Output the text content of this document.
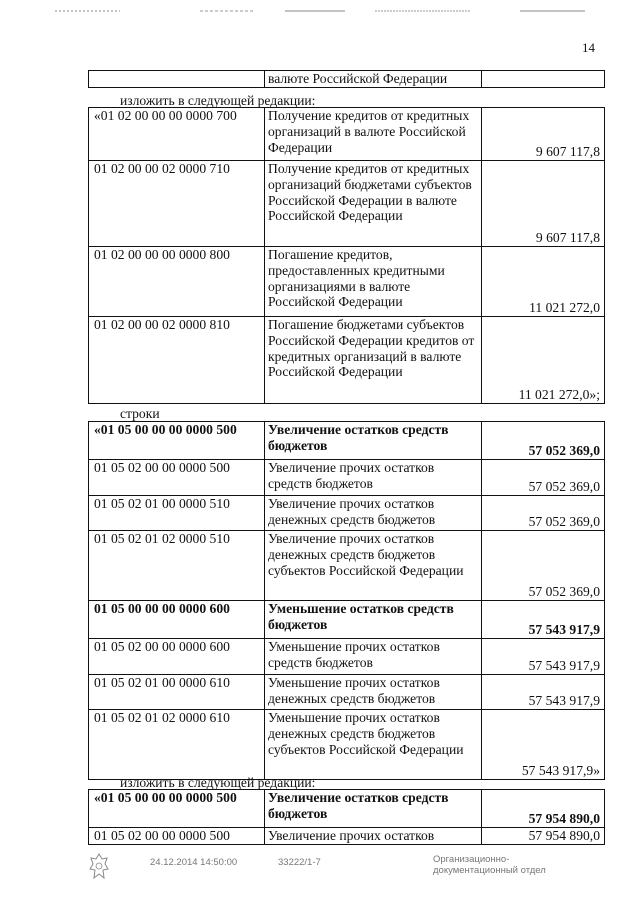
14
	валюте Российской Федерации	
изложить в следующей редакции:
«01 02 00 00 00 0000 700	Получение кредитов от кредитных организаций в валюте Российской Федерации	9 607 117,8
01 02 00 00 02 0000 710	Получение кредитов от кредитных организаций бюджетами субъектов Российской Федерации в валюте Российской Федерации	9 607 117,8
01 02 00 00 00 0000 800	Погашение кредитов, предоставленных кредитными организациями в валюте Российской Федерации	11 021 272,0
01 02 00 00 02 0000 810	Погашение бюджетами субъектов Российской Федерации кредитов от кредитных организаций в валюте Российской Федерации	11 021 272,0»;
строки
«01 05 00 00 00 0000 500	Увеличение остатков средств бюджетов	57 052 369,0
01 05 02 00 00 0000 500	Увеличение прочих остатков средств бюджетов	57 052 369,0
01 05 02 01 00 0000 510	Увеличение прочих остатков денежных средств бюджетов	57 052 369,0
01 05 02 01 02 0000 510	Увеличение прочих остатков денежных средств бюджетов субъектов Российской Федерации	57 052 369,0
01 05 00 00 00 0000 600	Уменьшение остатков средств бюджетов	57 543 917,9
01 05 02 00 00 0000 600	Уменьшение прочих остатков средств бюджетов	57 543 917,9
01 05 02 01 00 0000 610	Уменьшение прочих остатков денежных средств бюджетов	57 543 917,9
01 05 02 01 02 0000 610	Уменьшение прочих остатков денежных средств бюджетов субъектов Российской Федерации	57 543 917,9»
изложить в следующей редакции:
«01 05 00 00 00 0000 500	Увеличение остатков средств бюджетов	57 954 890,0
01 05 02 00 00 0000 500	Увеличение прочих остатков	57 954 890,0
24.12.2014 14:50:00	33222/1-7	Организационно-
документационный отдел
